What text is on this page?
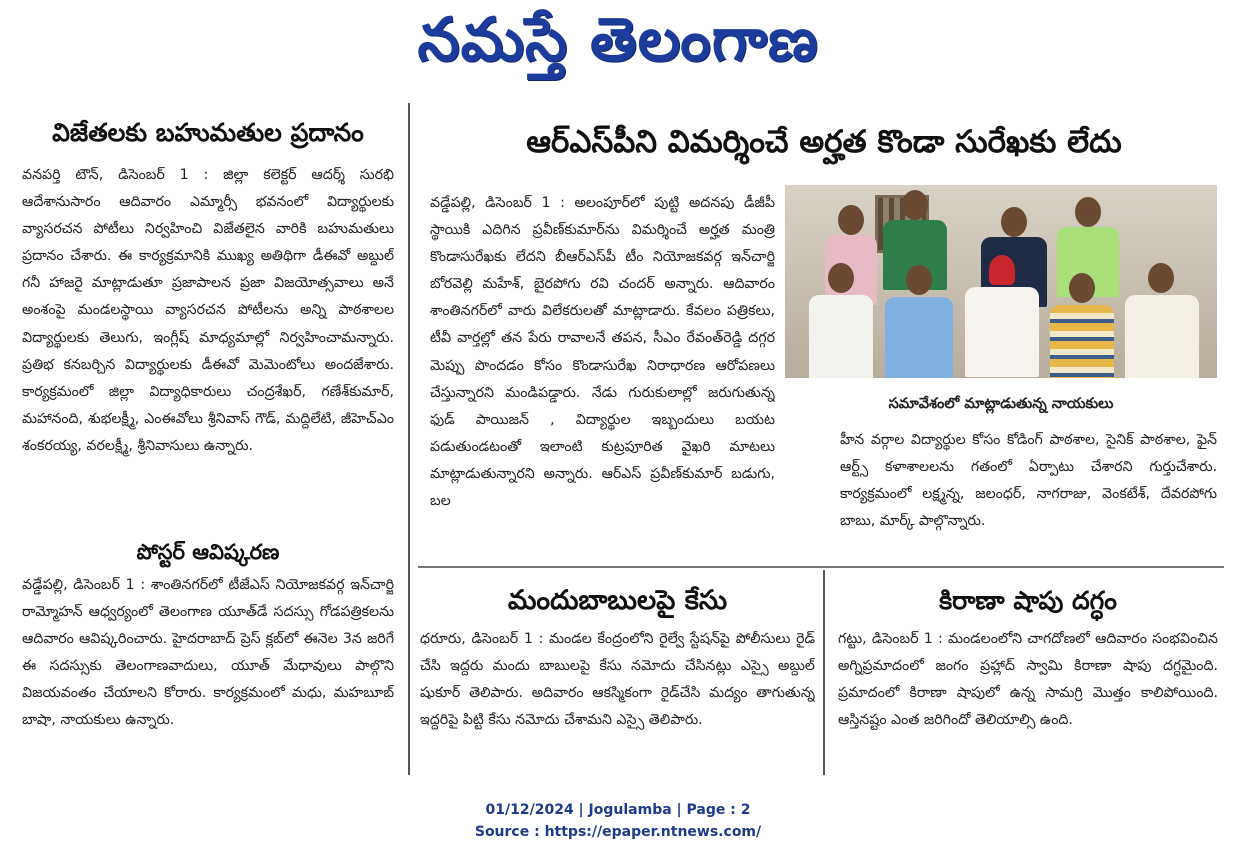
నమస్తే తెలంగాణ
విజేతలకు బహుమతుల ప్రదానం
వనపర్తి టౌన్, డిసెంబర్ 1 : జిల్లా కలెక్టర్ ఆదర్శ్ సురభి ఆదేశానుసారం ఆదివారం ఎమ్మార్సీ భవనంలో విద్యార్థులకు వ్యాసరచన పోటీలు నిర్వహించి విజేతలైన వారికి బహుమతులు ప్రదానం చేశారు. ఈ కార్యక్రమానికి ముఖ్య అతిథిగా డీఈవో అబ్దుల్ గనీ హాజరై మాట్లాడుతూ ప్రజాపాలన ప్రజా విజయోత్సవాలు అనే అంశంపై మండలస్థాయి వ్యాసరచన పోటీలను అన్ని పాఠశాలల విద్యార్థులకు తెలుగు, ఇంగ్లీష్ మాధ్యమాల్లో నిర్వహించామన్నారు. ప్రతిభ కనబర్చిన విద్యార్థులకు డీఈవో మెమెంటోలు అందజేశారు. కార్యక్రమంలో జిల్లా విద్యాధికారులు చంద్రశేఖర్, గణేశ్‌కుమార్, మహానంది, శుభలక్ష్మీ, ఎంఈవోలు శ్రీనివాస్ గౌడ్, మద్దిలేటి, జీహెచ్ఎం శంకరయ్య, వరలక్ష్మీ, శ్రీనివాసులు ఉన్నారు.
పోస్టర్ ఆవిష్కరణ
వడ్డేపల్లి, డిసెంబర్ 1 : శాంతినగర్‌లో టీజేఎస్ నియోజకవర్గ ఇన్‌చార్జి రామ్మోహన్ ఆధ్వర్యంలో తెలంగాణ యూత్‌డే సదస్సు గోడపత్రికలను ఆదివారం ఆవిష్కరించారు. హైదరాబాద్ ప్రెస్ క్లబ్‌లో ఈనెల 3న జరిగే ఈ సదస్సుకు తెలంగాణవాదులు, యూత్ మేధావులు పాల్గొని విజయవంతం చేయాలని కోరారు. కార్యక్రమంలో మధు, మహబూబ్ బాషా, నాయకులు ఉన్నారు.
ఆర్‌ఎస్‌పీని విమర్శించే అర్హత కొండా సురేఖకు లేదు
వడ్డేపల్లి, డిసెంబర్ 1 : అలంపూర్‌లో పుట్టి అదనపు డీజీపీ స్థాయికి ఎదిగిన ప్రవీణ్‌కుమార్‌ను విమర్శించే అర్హత మంత్రి కొండాసురేఖకు లేదని బీఆర్‌ఎస్‌పీ టీం నియోజకవర్గ ఇన్‌చార్జి బోరవెల్లి మహేశ్, బైరపోగు రవి చందర్ అన్నారు. ఆదివారం శాంతినగర్‌లో వారు విలేకరులతో మాట్లాడారు. కేవలం పత్రికలు, టీవీ వార్తల్లో తన పేరు రావాలనే తపన, సీఎం రేవంత్‌రెడ్డి దగ్గర మెప్పు పొందడం కోసం కొండాసురేఖ నిరాధారణ ఆరోపణలు చేస్తున్నారని మండిపడ్డారు. నేడు గురుకులాల్లో జరుగుతున్న ఫుడ్ పాయిజన్ , విద్యార్థుల ఇబ్బందులు బయట పడుతుండటంతో ఇలాంటి కుట్రపూరిత వైఖరి మాటలు మాట్లాడుతున్నారని అన్నారు. ఆర్‌ఎస్ ప్రవీణ్‌కుమార్ బడుగు, బల
సమావేశంలో మాట్లాడుతున్న నాయకులు
హీన వర్గాల విద్యార్థుల కోసం కోడింగ్ పాఠశాల, సైనిక్ పాఠశాల, ఫైన్ ఆర్ట్స్ కళాశాలలను గతంలో ఏర్పాటు చేశారని గుర్తుచేశారు. కార్యక్రమంలో లక్ష్మన్న, జలంధర్, నాగరాజు, వెంకటేశ్, దేవరపోగు బాబు, మార్క్ పాల్గొన్నారు.
మందుబాబులపై కేసు
ధరూరు, డిసెంబర్ 1 : మండల కేంద్రంలోని రైల్వే స్టేషన్‌పై పోలీసులు రైడ్ చేసి ఇద్దరు మందు బాబులపై కేసు నమోదు చేసినట్లు ఎస్సై అబ్దుల్ షుకూర్ తెలిపారు. అదివారం ఆకస్మికంగా రైడ్‌చేసి మద్యం తాగుతున్న ఇద్దరిపై పిట్టి కేసు నమోదు చేశామని ఎస్సై తెలిపారు.
కిరాణా షాపు దగ్ధం
గట్టు, డిసెంబర్ 1 : మండలంలోని చాగదోణలో ఆదివారం సంభవించిన అగ్నిప్రమాదంలో జంగం ప్రహ్లాద్ స్వామి కిరాణా షాపు దగ్ధమైంది. ప్రమాదంలో కిరాణా షాపులో ఉన్న సామగ్రి మొత్తం కాలిపోయింది. ఆస్తినష్టం ఎంత జరిగిందో తెలియాల్సి ఉంది.
01/12/2024 | Jogulamba | Page : 2
Source : https://epaper.ntnews.com/
